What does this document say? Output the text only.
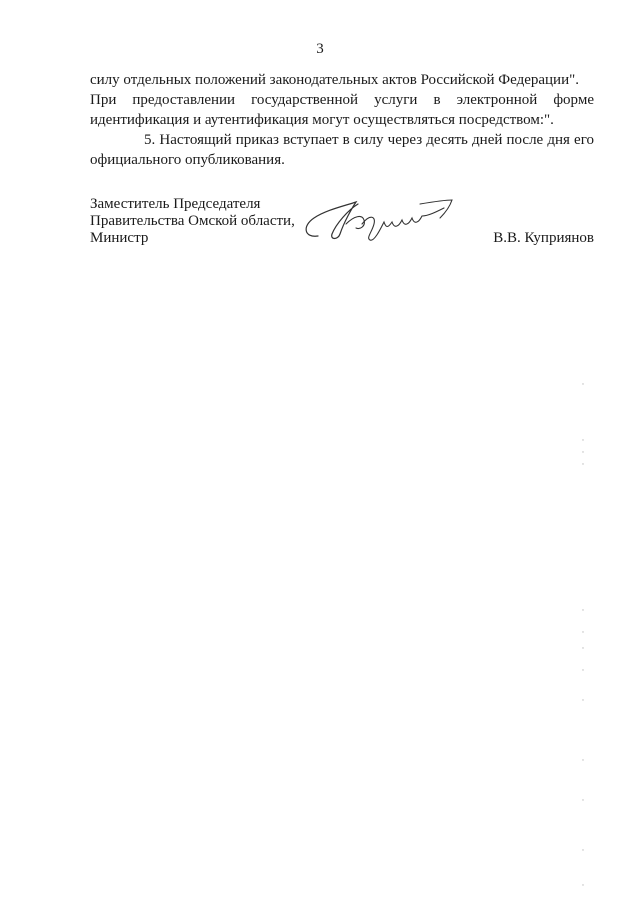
3
силу отдельных положений законодательных актов Российской Федерации".
При предоставлении государственной услуги в электронной форме
идентификация и аутентификация могут осуществляться посредством:".
5. Настоящий приказ вступает в силу через десять дней после дня его
официального опубликования.
Заместитель Председателя
Правительства Омской области,
Министр	В.В. Куприянов
